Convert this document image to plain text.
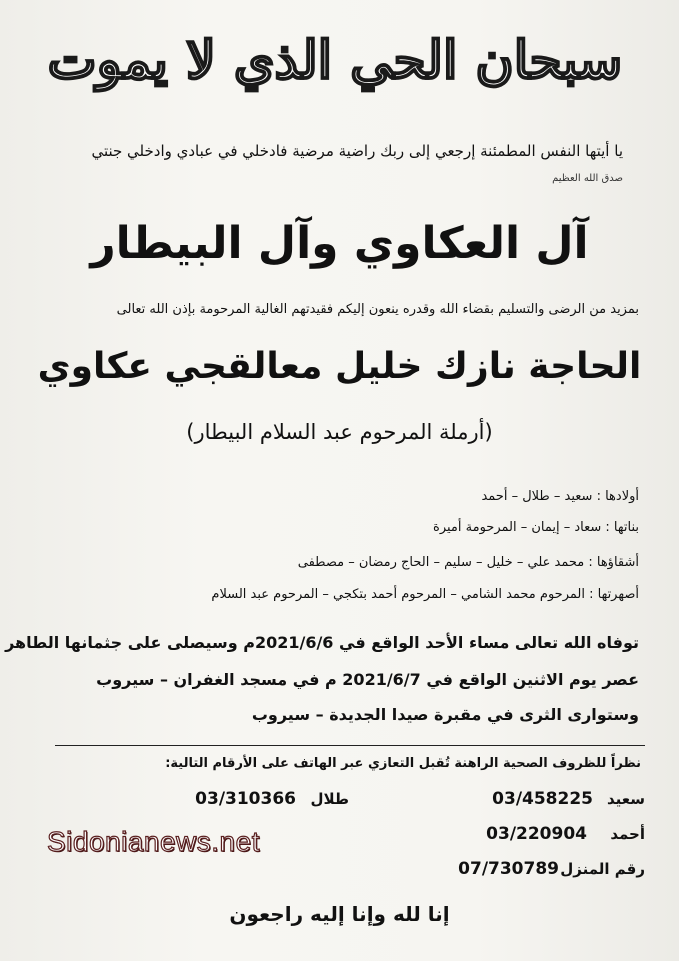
سبحان الحي الذي لا يموت
يا أيتها النفس المطمئنة إرجعي إلى ربك راضية مرضية فادخلي في عبادي وادخلي جنتي
صدق الله العظيم
آل العكاوي وآل البيطار
بمزيد من الرضى والتسليم بقضاء الله وقدره ينعون إليكم فقيدتهم الغالية المرحومة بإذن الله تعالى
الحاجة نازك خليل معالقجي عكاوي
(أرملة المرحوم عبد السلام البيطار)
أولادها : سعيد – طلال – أحمد
بناتها : سعاد – إيمان – المرحومة أميرة
أشقاؤها : محمد علي – خليل – سليم – الحاج رمضان – مصطفى
أصهرتها : المرحوم محمد الشامي – المرحوم أحمد بتكجي – المرحوم عبد السلام
توفاه الله تعالى مساء الأحد الواقع في 2021/6/6م وسيصلى على جثمانها الطاهر
عصر يوم الاثنين الواقع في 2021/6/7 م في مسجد الغفران – سيروب
وستوارى الثرى في مقبرة صيدا الجديدة – سيروب
نظراً للظروف الصحية الراهنة تُقبل التعازي عبر الهاتف على الأرقام التالية:
سعيد
03/458225
طلال
03/310366
أحمد
03/220904
رقم المنزل
07/730789
إنا لله وإنا إليه راجعون
Sidonianews.net
